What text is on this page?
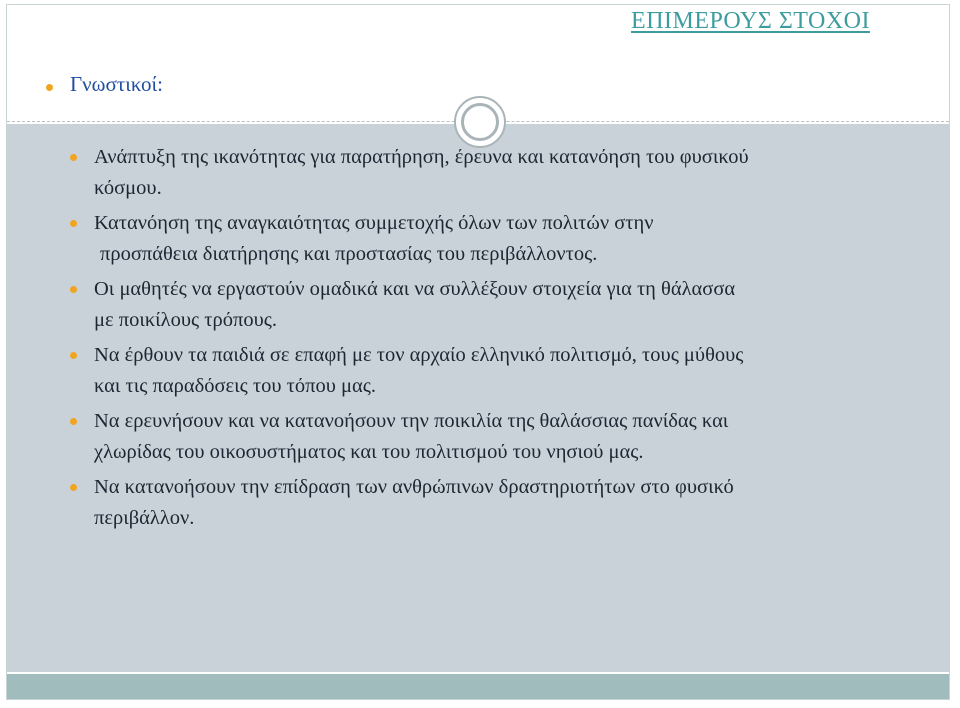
ΕΠΙΜΕΡΟΥΣ ΣΤΟΧΟΙ
Γνωστικοί:
Ανάπτυξη της ικανότητας για παρατήρηση, έρευνα και κατανόηση του φυσικού
κόσμου.
Κατανόηση της αναγκαιότητας συμμετοχής όλων των πολιτών στην

προσπάθεια διατήρησης και προστασίας του περιβάλλοντος.
Οι μαθητές να εργαστούν ομαδικά και να συλλέξουν στοιχεία για τη θάλασσα
με ποικίλους τρόπους.
Να έρθουν τα παιδιά σε επαφή με τον αρχαίο ελληνικό πολιτισμό, τους μύθους
και τις παραδόσεις του τόπου μας.
Να ερευνήσουν και να κατανοήσουν την ποικιλία της θαλάσσιας πανίδας και
χλωρίδας του οικοσυστήματος και του πολιτισμού του νησιού μας.
Να κατανοήσουν την επίδραση των ανθρώπινων δραστηριοτήτων στο φυσικό
περιβάλλον.
